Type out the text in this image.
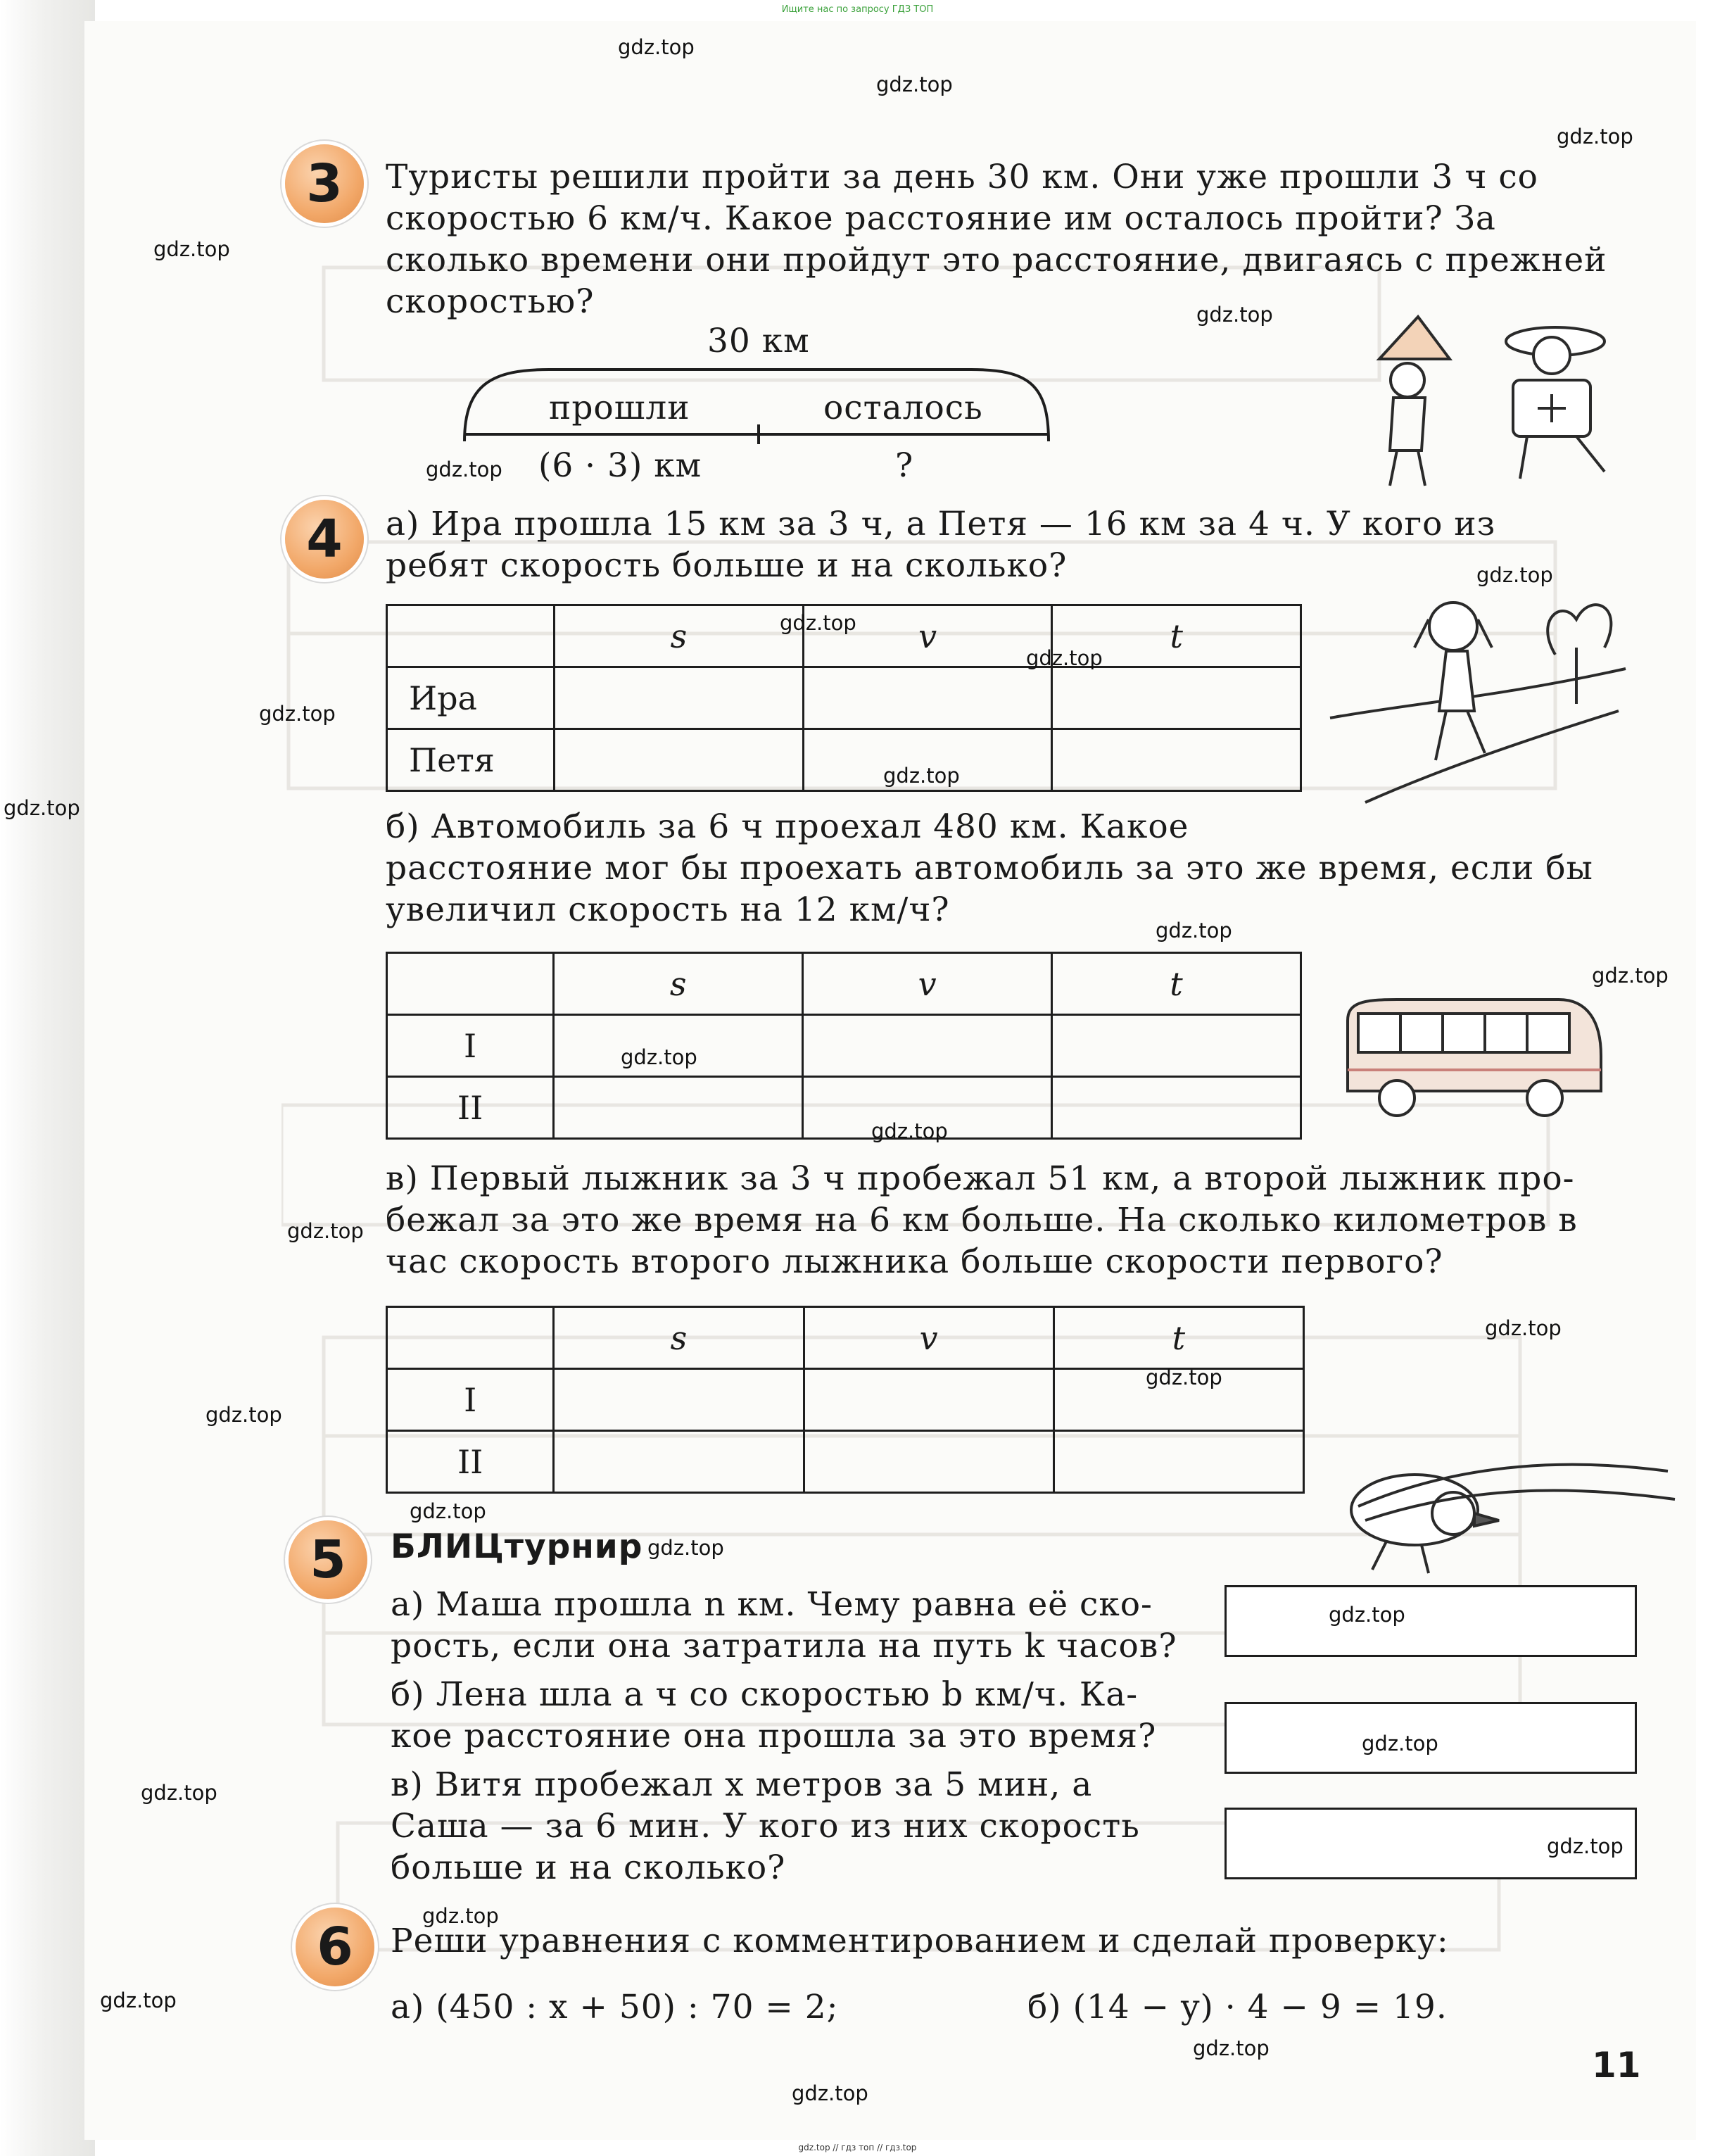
Ищите нас по запросу ГДЗ ТОП
3	Туристы решили пройти за день 30 км. Они уже прошли 3 ч со
скоростью 6 км/ч. Какое расстояние им осталось пройти? За
сколько времени они пройдут это расстояние, двигаясь с прежней
скоростью?
30 км
прошли	осталось
(6 · 3) км	?
4	а) Ира прошла 15 км за 3 ч, а Петя — 16 км за 4 ч. У кого из
ребят скорость больше и на сколько?
	s	v	t
Ира			
Петя			
б) Автомобиль за 6 ч проехал 480 км. Какое
расстояние мог бы проехать автомобиль за это же время, если бы
увеличил скорость на 12 км/ч?
	s	v	t
I			
II			
в) Первый лыжник за 3 ч пробежал 51 км, а второй лыжник про-
бежал за это же время на 6 км больше. На сколько километров в
час скорость второго лыжника больше скорости первого?
	s	v	t
I			
II			
5	БЛИЦтурнир
а) Маша прошла n км. Чему равна её ско-
рость, если она затратила на путь k часов?
б) Лена шла a ч со скоростью b км/ч. Ка-
кое расстояние она прошла за это время?
в) Витя пробежал x метров за 5 мин, а
Саша — за 6 мин. У кого из них скорость
больше и на сколько?
6	Реши уравнения с комментированием и сделай проверку:
а) (450 : x + 50) : 70 = 2;	б) (14 − y) · 4 − 9 = 19.
11
gdz.top
gdz.top
gdz.top
gdz.top
gdz.top
gdz.top
gdz.top
gdz.top
gdz.top
gdz.top
gdz.top
gdz.top
gdz.top
gdz.top
gdz.top
gdz.top
gdz.top
gdz.top
gdz.top
gdz.top
gdz.top
gdz.top
gdz.top
gdz.top
gdz.top
gdz.top
gdz.top
gdz.top
gdz.top
gdz.top
gdz.top // гдз топ // гдз.top
